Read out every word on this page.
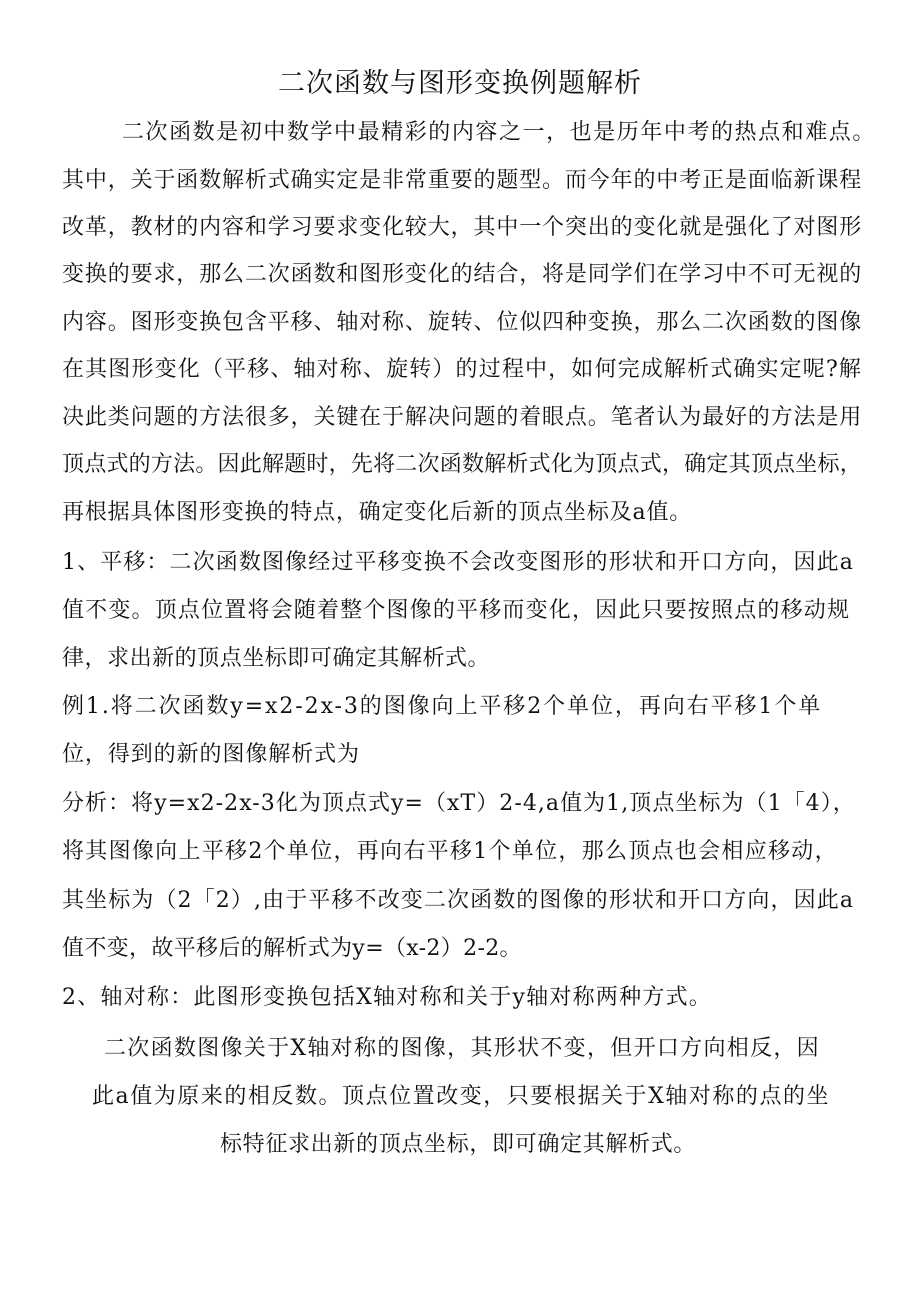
二次函数与图形变换例题解析
二次函数是初中数学中最精彩的内容之一，也是历年中考的热点和难点。
其中，关于函数解析式确实定是非常重要的题型。而今年的中考正是面临新课程
改革，教材的内容和学习要求变化较大，其中一个突出的变化就是强化了对图形
变换的要求，那么二次函数和图形变化的结合，将是同学们在学习中不可无视的
内容。图形变换包含平移、轴对称、旋转、位似四种变换，那么二次函数的图像
在其图形变化（平移、轴对称、旋转）的过程中，如何完成解析式确实定呢?解
决此类问题的方法很多，关键在于解决问题的着眼点。笔者认为最好的方法是用
顶点式的方法。因此解题时，先将二次函数解析式化为顶点式，确定其顶点坐标，
再根据具体图形变换的特点，确定变化后新的顶点坐标及a值。
1、平移：二次函数图像经过平移变换不会改变图形的形状和开口方向，因此a
值不变。顶点位置将会随着整个图像的平移而变化，因此只要按照点的移动规
律，求出新的顶点坐标即可确定其解析式。
例1.将二次函数y=x2-2x-3的图像向上平移2个单位，再向右平移1个单
位，得到的新的图像解析式为
分析：将y=x2-2x-3化为顶点式y=（xT）2-4,a值为1,顶点坐标为（1「4），
将其图像向上平移2个单位，再向右平移1个单位，那么顶点也会相应移动，
其坐标为（2「2）,由于平移不改变二次函数的图像的形状和开口方向，因此a
值不变，故平移后的解析式为y=（x-2）2-2。
2、轴对称：此图形变换包括X轴对称和关于y轴对称两种方式。
二次函数图像关于X轴对称的图像，其形状不变，但开口方向相反，因
此a值为原来的相反数。顶点位置改变，只要根据关于X轴对称的点的坐
标特征求出新的顶点坐标，即可确定其解析式。
